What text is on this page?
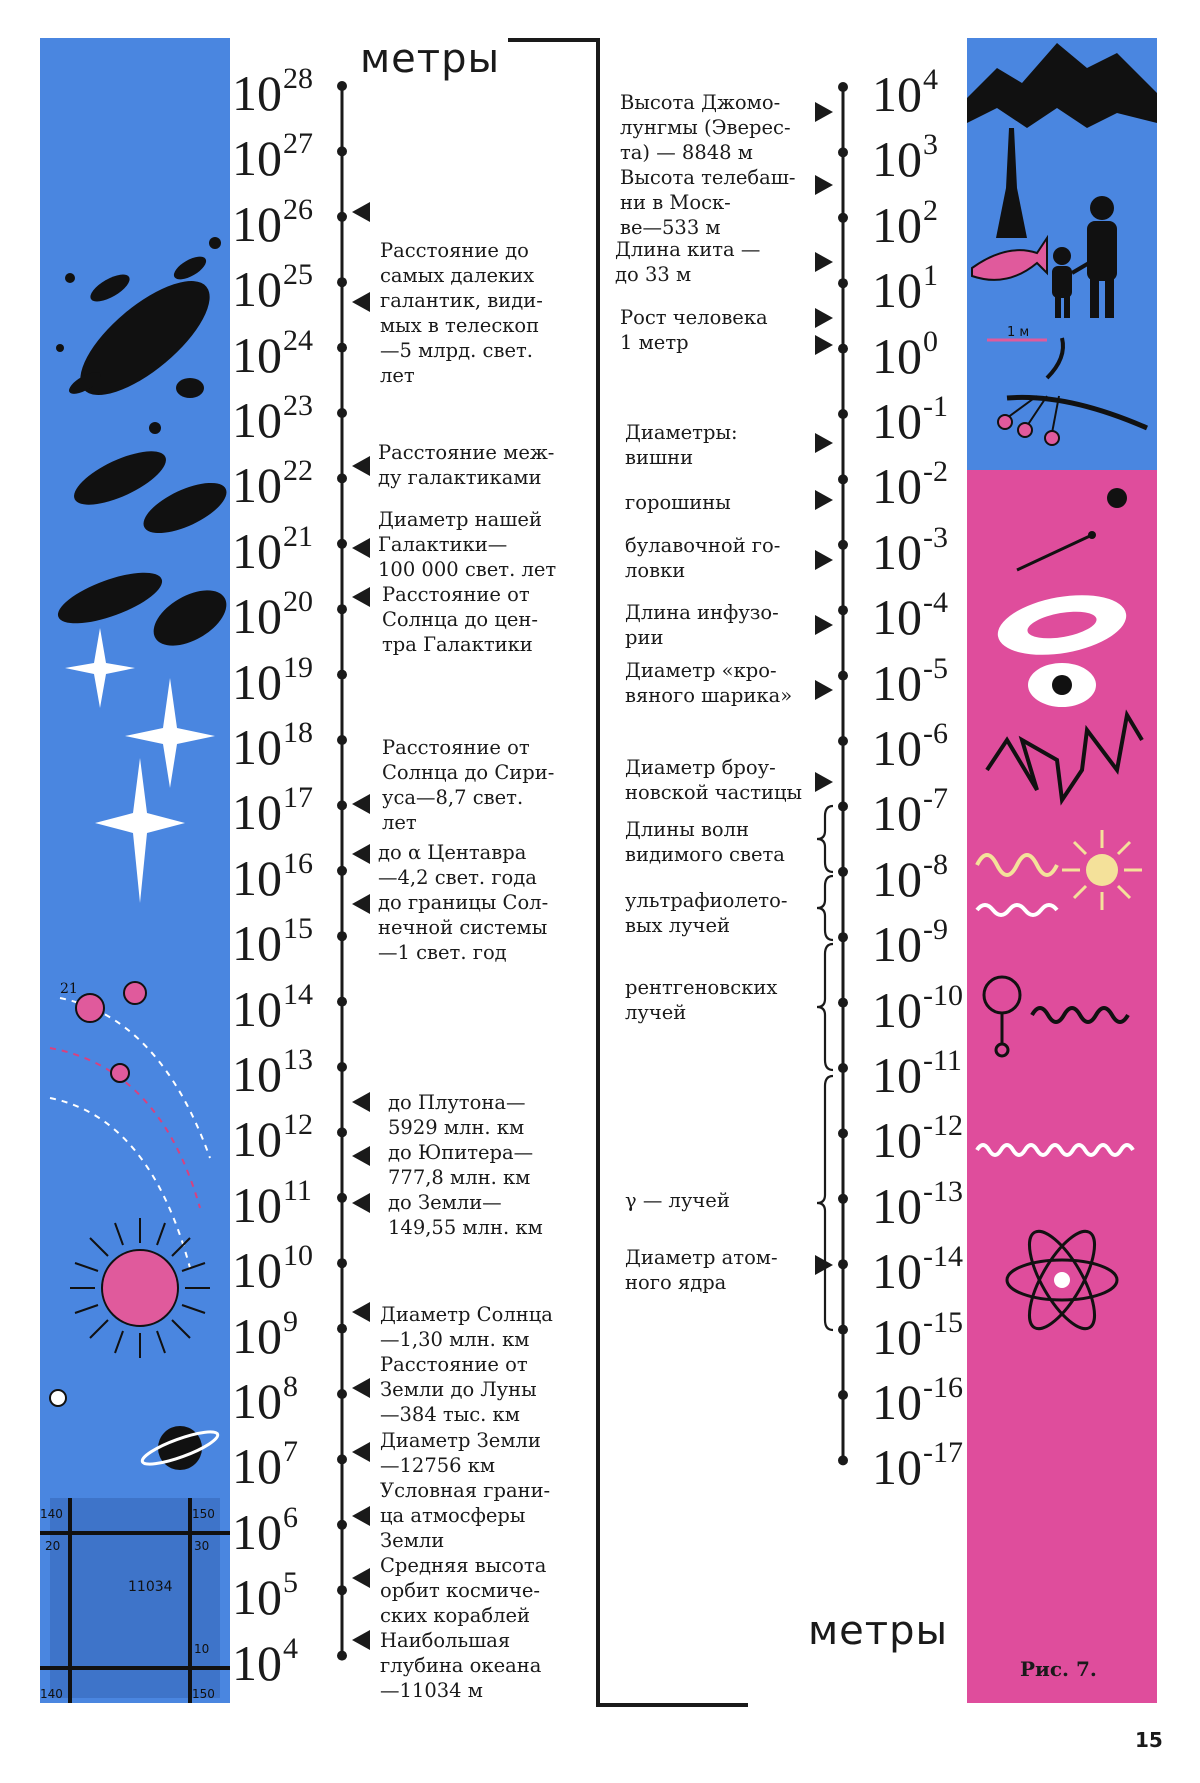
21
11034
140	150
20	30
10
140	150
1 м
метры
метры
$10^{28}$
$10^{27}$
$10^{26}$
$10^{25}$
$10^{24}$
$10^{23}$
$10^{22}$
$10^{21}$
$10^{20}$
$10^{19}$
$10^{18}$
$10^{17}$
$10^{16}$
$10^{15}$
$10^{14}$
$10^{13}$
$10^{12}$
$10^{11}$
$10^{10}$
$10^9$
$10^8$
$10^7$
$10^6$
$10^5$
$10^4$
$10^4$
$10^3$
$10^2$
$10^1$
$10^0$
$10^{-1}$
$10^{-2}$
$10^{-3}$
$10^{-4}$
$10^{-5}$
$10^{-6}$
$10^{-7}$
$10^{-8}$
$10^{-9}$
$10^{-10}$
$10^{-11}$
$10^{-12}$
$10^{-13}$
$10^{-14}$
$10^{-15}$
$10^{-16}$
$10^{-17}$
Расстояние до
самых далеких
галантик, види-
мых в телескоп
—5 млрд. свет.
лет
Расстояние меж-
ду галактиками
Диаметр нашей
Галактики—
100 000 свет. лет
Расстояние от
Солнца до цен-
тра Галактики
Расстояние от
Солнца до Сири-
уса—8,7 свет.
лет
до α Центавра
—4,2 свет. года
до границы Сол-
нечной системы
—1 свет. год
до Плутона—
5929 млн. км
до Юпитера—
777,8 млн. км
до Земли—
149,55 млн. км
Диаметр Солнца
—1,30 млн. км
Расстояние от
Земли до Луны
—384 тыс. км
Диаметр Земли
—12756 км
Условная грани-
ца атмосферы
Земли
Средняя высота
орбит космиче-
ских кораблей
Наибольшая
глубина океана
—11034 м
Высота Джомо-
лунгмы (Эверес-
та) — 8848 м
Высота телебаш-
ни в Моск-
ве—533 м
Длина кита —
до 33 м
Рост человека
1 метр
Диаметры:
вишни
горошины
булавочной го-
ловки
Длина инфузо-
рии
Диаметр «кро-
вяного шарика»
Диаметр броу-
новской частицы
Длины волн
видимого света
ультрафиолето-
вых лучей
рентгеновских
лучей
γ — лучей
Диаметр атом-
ного ядра
Рис. 7.
15
